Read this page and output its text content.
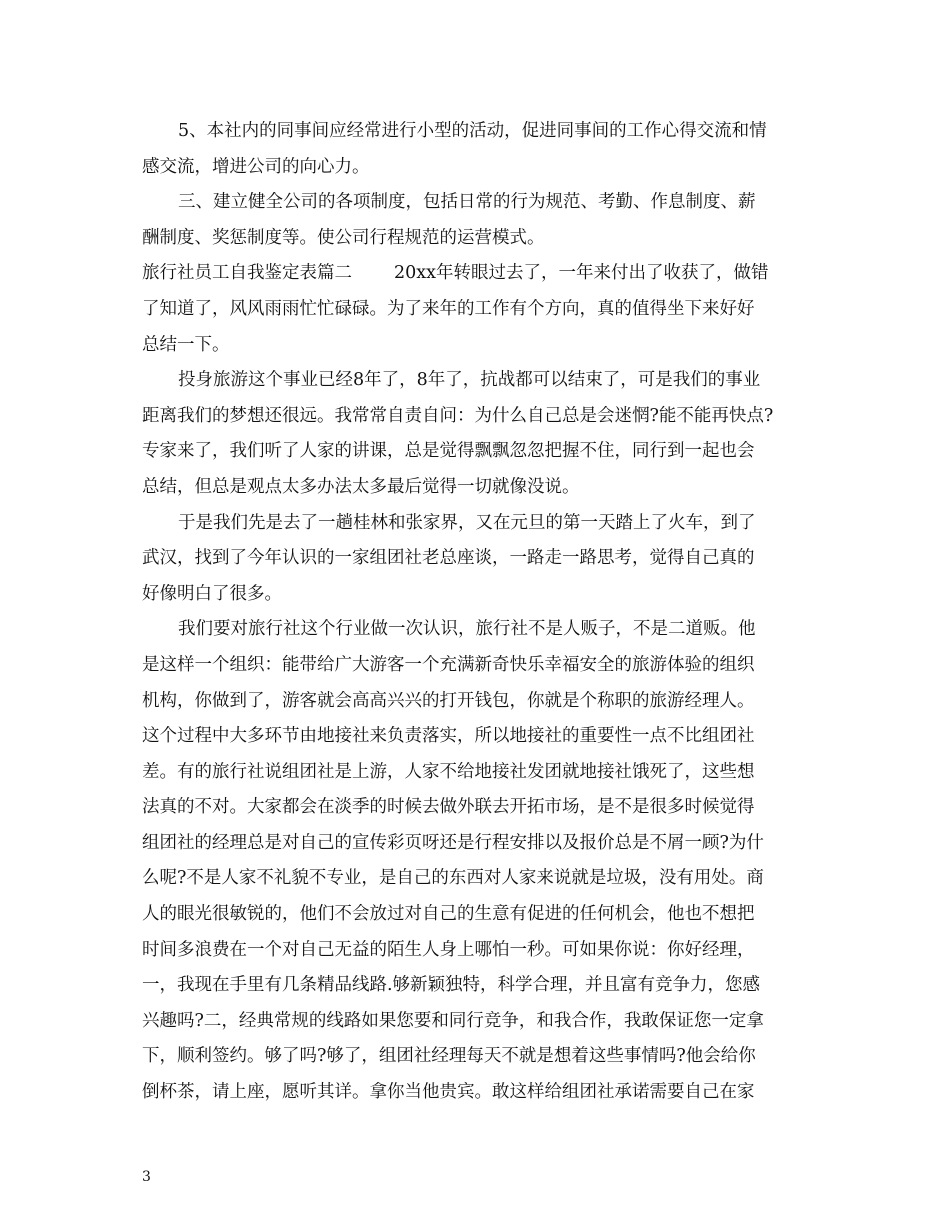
5、本社内的同事间应经常进行小型的活动，促进同事间的工作心得交流和情
感交流，增进公司的向心力。
三、建立健全公司的各项制度，包括日常的行为规范、考勤、作息制度、薪
酬制度、奖惩制度等。使公司行程规范的运营模式。
旅行社员工自我鉴定表篇二 20xx年转眼过去了，一年来付出了收获了，做错
了知道了，风风雨雨忙忙碌碌。为了来年的工作有个方向，真的值得坐下来好好
总结一下。
投身旅游这个事业已经8年了，8年了，抗战都可以结束了，可是我们的事业
距离我们的梦想还很远。我常常自责自问：为什么自己总是会迷惘?能不能再快点?
专家来了，我们听了人家的讲课，总是觉得飘飘忽忽把握不住，同行到一起也会
总结，但总是观点太多办法太多最后觉得一切就像没说。
于是我们先是去了一趟桂林和张家界，又在元旦的第一天踏上了火车，到了
武汉，找到了今年认识的一家组团社老总座谈，一路走一路思考，觉得自己真的
好像明白了很多。
我们要对旅行社这个行业做一次认识，旅行社不是人贩子，不是二道贩。他
是这样一个组织：能带给广大游客一个充满新奇快乐幸福安全的旅游体验的组织
机构，你做到了，游客就会高高兴兴的打开钱包，你就是个称职的旅游经理人。
这个过程中大多环节由地接社来负责落实，所以地接社的重要性一点不比组团社
差。有的旅行社说组团社是上游，人家不给地接社发团就地接社饿死了，这些想
法真的不对。大家都会在淡季的时候去做外联去开拓市场，是不是很多时候觉得
组团社的经理总是对自己的宣传彩页呀还是行程安排以及报价总是不屑一顾?为什
么呢?不是人家不礼貌不专业，是自己的东西对人家来说就是垃圾，没有用处。商
人的眼光很敏锐的，他们不会放过对自己的生意有促进的任何机会，他也不想把
时间多浪费在一个对自己无益的陌生人身上哪怕一秒。可如果你说：你好经理，
一，我现在手里有几条精品线路.够新颖独特，科学合理，并且富有竞争力，您感
兴趣吗?二，经典常规的线路如果您要和同行竞争，和我合作，我敢保证您一定拿
下，顺利签约。够了吗?够了，组团社经理每天不就是想着这些事情吗?他会给你
倒杯茶，请上座，愿听其详。拿你当他贵宾。敢这样给组团社承诺需要自己在家
3
